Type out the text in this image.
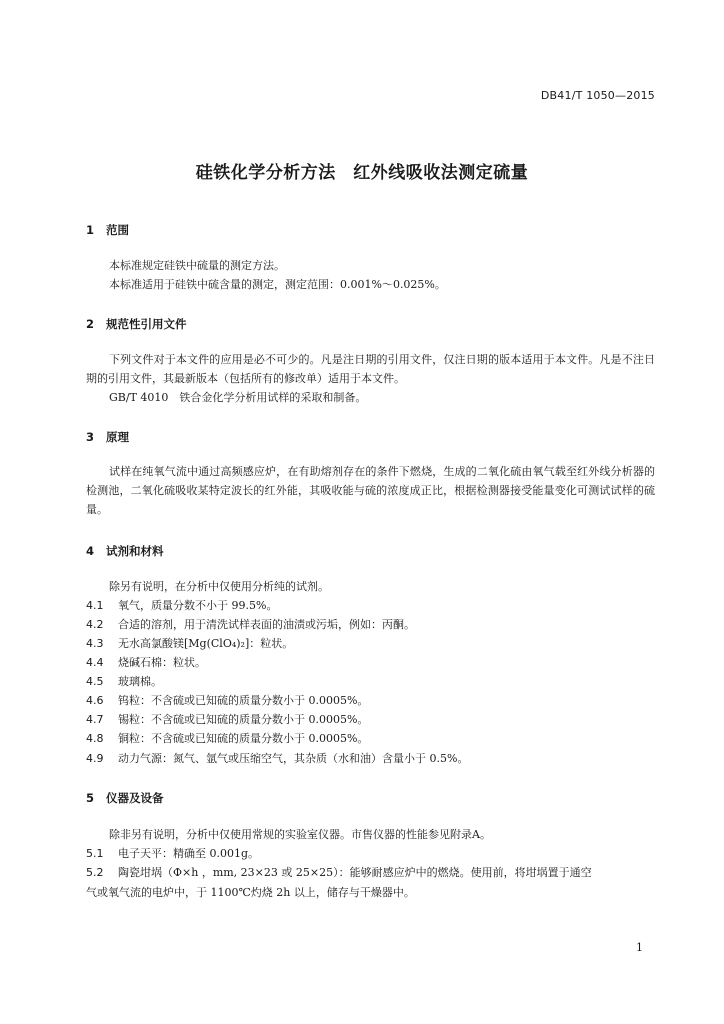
DB41/T 1050—2015
硅铁化学分析方法　红外线吸收法测定硫量
1 范围
本标准规定硅铁中硫量的测定方法。
本标准适用于硅铁中硫含量的测定，测定范围：0.001%～0.025%。
2 规范性引用文件
下列文件对于本文件的应用是必不可少的。凡是注日期的引用文件，仅注日期的版本适用于本文件。凡是不注日期的引用文件，其最新版本（包括所有的修改单）适用于本文件。
GB/T 4010　铁合金化学分析用试样的采取和制备。
3 原理
试样在纯氧气流中通过高频感应炉，在有助熔剂存在的条件下燃烧，生成的二氧化硫由氧气载至红外线分析器的检测池，二氧化硫吸收某特定波长的红外能，其吸收能与硫的浓度成正比，根据检测器接受能量变化可测试试样的硫量。
4 试剂和材料
除另有说明，在分析中仅使用分析纯的试剂。
4.1 氧气，质量分数不小于 99.5%。
4.2 合适的溶剂，用于清洗试样表面的油渍或污垢，例如：丙酮。
4.3 无水高氯酸镁[Mg(ClO₄)₂]：粒状。
4.4 烧碱石棉：粒状。
4.5 玻璃棉。
4.6 钨粒：不含硫或已知硫的质量分数小于 0.0005%。
4.7 锡粒：不含硫或已知硫的质量分数小于 0.0005%。
4.8 铜粒：不含硫或已知硫的质量分数小于 0.0005%。
4.9 动力气源：氮气、氩气或压缩空气，其杂质（水和油）含量小于 0.5%。
5 仪器及设备
除非另有说明，分析中仅使用常规的实验室仪器。市售仪器的性能参见附录A。
5.1 电子天平：精确至 0.001g。
5.2 陶瓷坩埚（Φ×h ，mm, 23×23 或 25×25）：能够耐感应炉中的燃烧。使用前，将坩埚置于通空
气或氧气流的电炉中，于 1100℃灼烧 2h 以上，储存与干燥器中。
1
